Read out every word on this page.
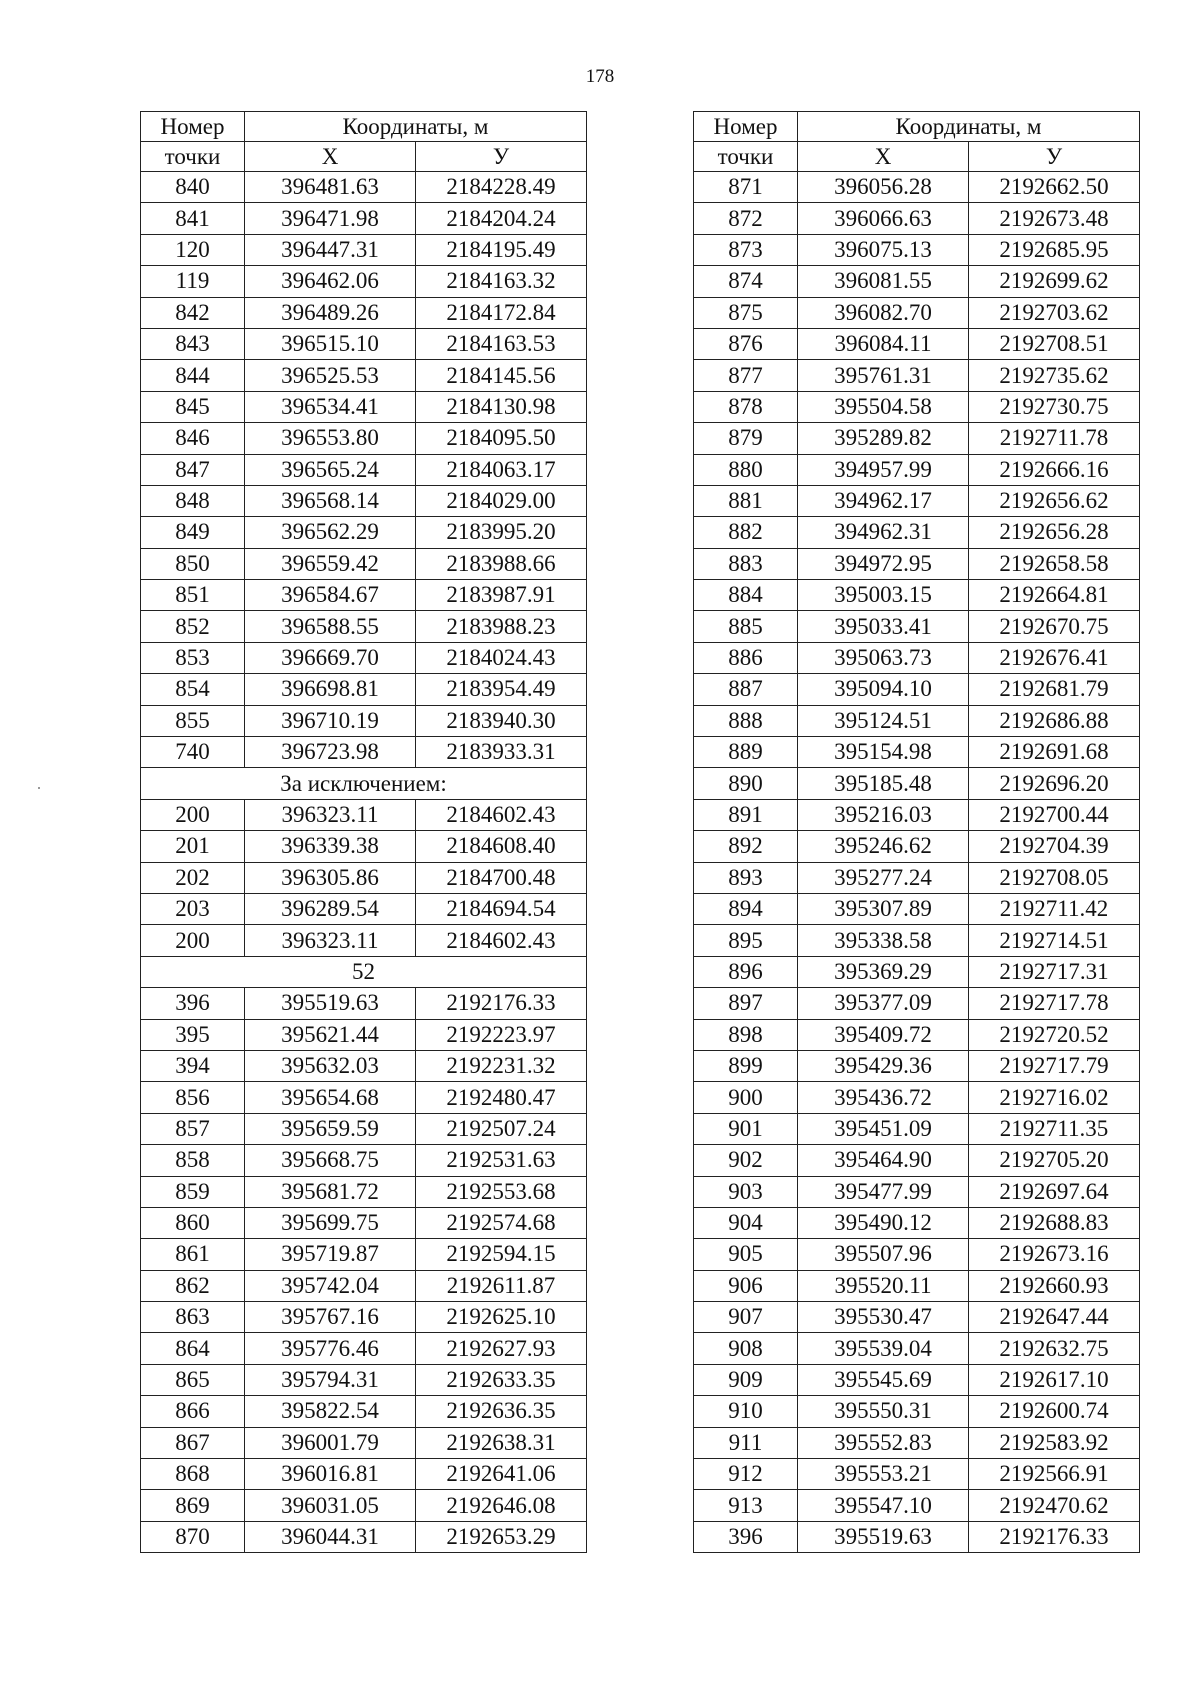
178
Номер	Координаты, м	
точки	X	У
840	396481.63	2184228.49
841	396471.98	2184204.24
120	396447.31	2184195.49
119	396462.06	2184163.32
842	396489.26	2184172.84
843	396515.10	2184163.53
844	396525.53	2184145.56
845	396534.41	2184130.98
846	396553.80	2184095.50
847	396565.24	2184063.17
848	396568.14	2184029.00
849	396562.29	2183995.20
850	396559.42	2183988.66
851	396584.67	2183987.91
852	396588.55	2183988.23
853	396669.70	2184024.43
854	396698.81	2183954.49
855	396710.19	2183940.30
740	396723.98	2183933.31
За исключением:		
200	396323.11	2184602.43
201	396339.38	2184608.40
202	396305.86	2184700.48
203	396289.54	2184694.54
200	396323.11	2184602.43
52		
396	395519.63	2192176.33
395	395621.44	2192223.97
394	395632.03	2192231.32
856	395654.68	2192480.47
857	395659.59	2192507.24
858	395668.75	2192531.63
859	395681.72	2192553.68
860	395699.75	2192574.68
861	395719.87	2192594.15
862	395742.04	2192611.87
863	395767.16	2192625.10
864	395776.46	2192627.93
865	395794.31	2192633.35
866	395822.54	2192636.35
867	396001.79	2192638.31
868	396016.81	2192641.06
869	396031.05	2192646.08
870	396044.31	2192653.29
Номер	Координаты, м	
точки	X	У
871	396056.28	2192662.50
872	396066.63	2192673.48
873	396075.13	2192685.95
874	396081.55	2192699.62
875	396082.70	2192703.62
876	396084.11	2192708.51
877	395761.31	2192735.62
878	395504.58	2192730.75
879	395289.82	2192711.78
880	394957.99	2192666.16
881	394962.17	2192656.62
882	394962.31	2192656.28
883	394972.95	2192658.58
884	395003.15	2192664.81
885	395033.41	2192670.75
886	395063.73	2192676.41
887	395094.10	2192681.79
888	395124.51	2192686.88
889	395154.98	2192691.68
890	395185.48	2192696.20
891	395216.03	2192700.44
892	395246.62	2192704.39
893	395277.24	2192708.05
894	395307.89	2192711.42
895	395338.58	2192714.51
896	395369.29	2192717.31
897	395377.09	2192717.78
898	395409.72	2192720.52
899	395429.36	2192717.79
900	395436.72	2192716.02
901	395451.09	2192711.35
902	395464.90	2192705.20
903	395477.99	2192697.64
904	395490.12	2192688.83
905	395507.96	2192673.16
906	395520.11	2192660.93
907	395530.47	2192647.44
908	395539.04	2192632.75
909	395545.69	2192617.10
910	395550.31	2192600.74
911	395552.83	2192583.92
912	395553.21	2192566.91
913	395547.10	2192470.62
396	395519.63	2192176.33
